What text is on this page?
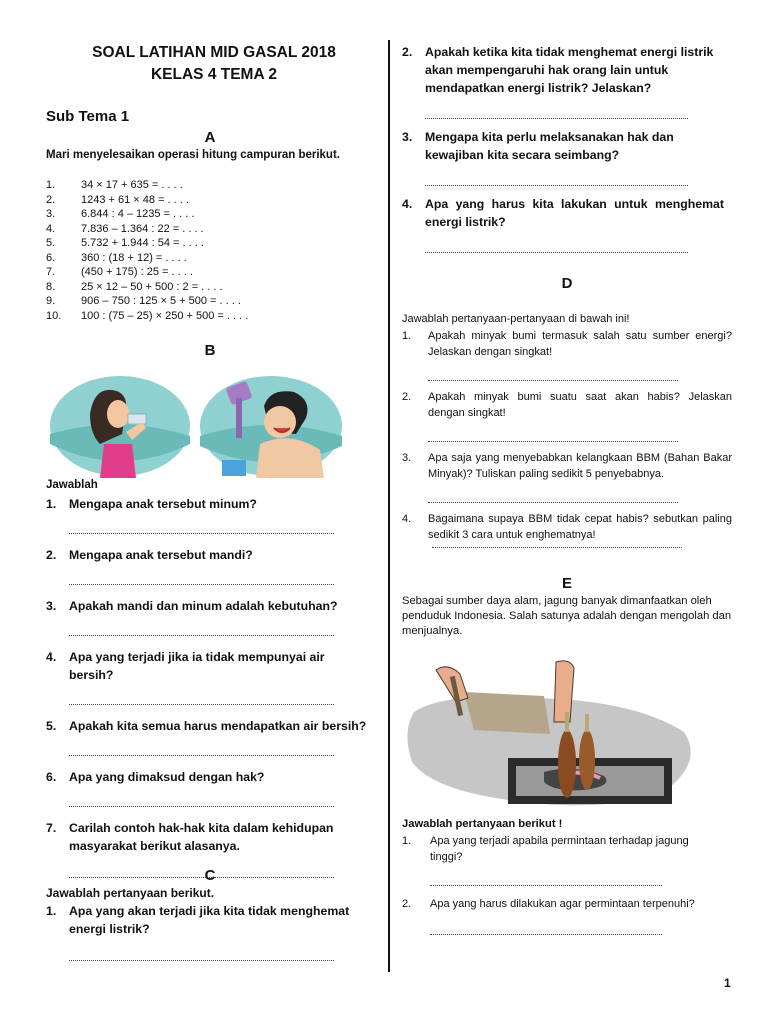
SOAL LATIHAN MID GASAL 2018
KELAS 4 TEMA 2
Sub Tema 1
A
Mari menyelesaikan operasi hitung campuran berikut.
1.	34 × 17 + 635 = . . . .
2.	1243 + 61 × 48 = . . . .
3.	6.844 : 4 – 1235 = . . . .
4.	7.836 – 1.364 : 22 = . . . .
5.	5.732 + 1.944 : 54 = . . . .
6.	360 : (18 + 12) = . . . .
7.	(450 + 175) : 25 = . . . .
8.	25 × 12 – 50 + 500 : 2 = . . . .
9.	906 – 750 : 125 × 5 + 500 = . . . .
10.	100 : (75 – 25) × 250 + 500 = . . . .
B
Jawablah
1.	Mengapa anak tersebut minum?
2.	Mengapa anak tersebut mandi?
3.	Apakah mandi dan minum adalah kebutuhan?
4.	Apa yang terjadi jika ia tidak mempunyai air bersih?
5.	Apakah kita semua harus mendapatkan air bersih?
6.	Apa yang dimaksud dengan hak?
7.	Carilah contoh hak-hak kita dalam kehidupan masyarakat berikut alasanya.
C
Jawablah pertanyaan berikut.
1.	Apa yang akan terjadi jika kita tidak menghemat energi listrik?
2.	Apakah ketika kita tidak menghemat energi listrik akan mempengaruhi hak orang lain untuk mendapatkan energi listrik? Jelaskan?
3.	Mengapa kita perlu melaksanakan hak dan kewajiban kita secara seimbang?
4.	Apa yang harus kita lakukan untuk menghemat energi listrik?
D
Jawablah pertanyaan-pertanyaan di bawah ini!
1.	Apakah minyak bumi termasuk salah satu sumber energi? Jelaskan dengan singkat!
2.	Apakah minyak bumi suatu saat akan habis? Jelaskan dengan singkat!
3.	Apa saja yang menyebabkan kelangkaan BBM (Bahan Bakar Minyak)? Tuliskan paling sedikit 5 penyebabnya.
4.	Bagaimana supaya BBM tidak cepat habis? sebutkan paling sedikit 3 cara untuk enghematnya!
E
Sebagai sumber daya alam, jagung banyak dimanfaatkan oleh penduduk Indonesia. Salah satunya adalah dengan mengolah dan menjualnya.
Jawablah pertanyaan berikut !
1.	Apa yang terjadi apabila permintaan terhadap jagung tinggi?
2.	Apa yang harus dilakukan agar permintaan terpenuhi?
1
